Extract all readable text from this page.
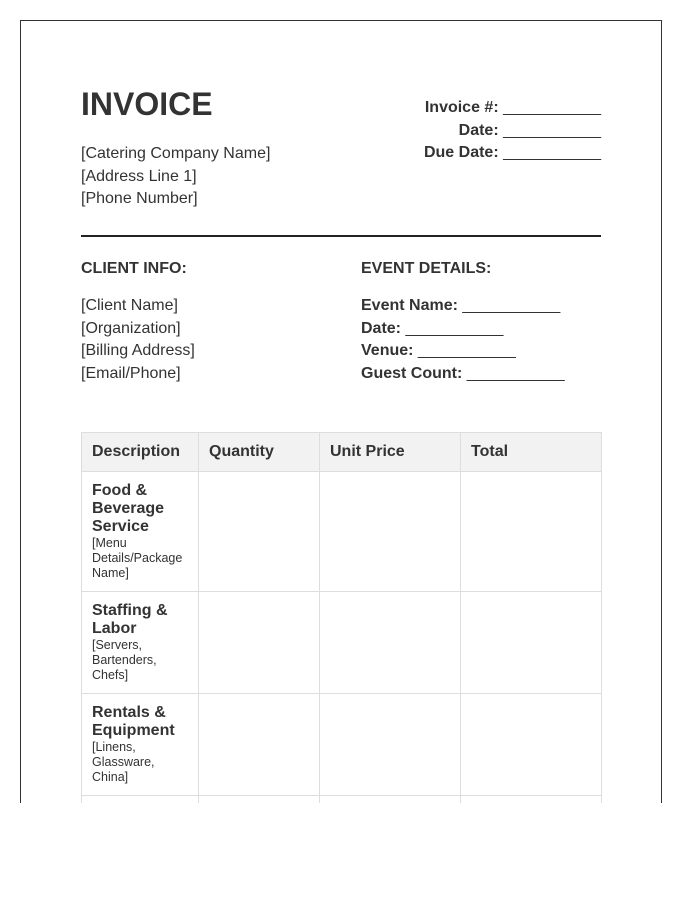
INVOICE
[Catering Company Name]
[Address Line 1]
[Phone Number]
Invoice #: ___________
Date: ___________
Due Date: ___________
CLIENT INFO:	EVENT DETAILS:
[Client Name]
[Organization]
[Billing Address]
[Email/Phone]
Event Name: ___________
Date: ___________
Venue: ___________
Guest Count: ___________
Description	Quantity	Unit Price	Total

Food & Beverage Service
[Menu Details/Package Name]			

Staffing & Labor
[Servers, Bartenders, Chefs]			

Rentals & Equipment
[Linens, Glassware, China]			
